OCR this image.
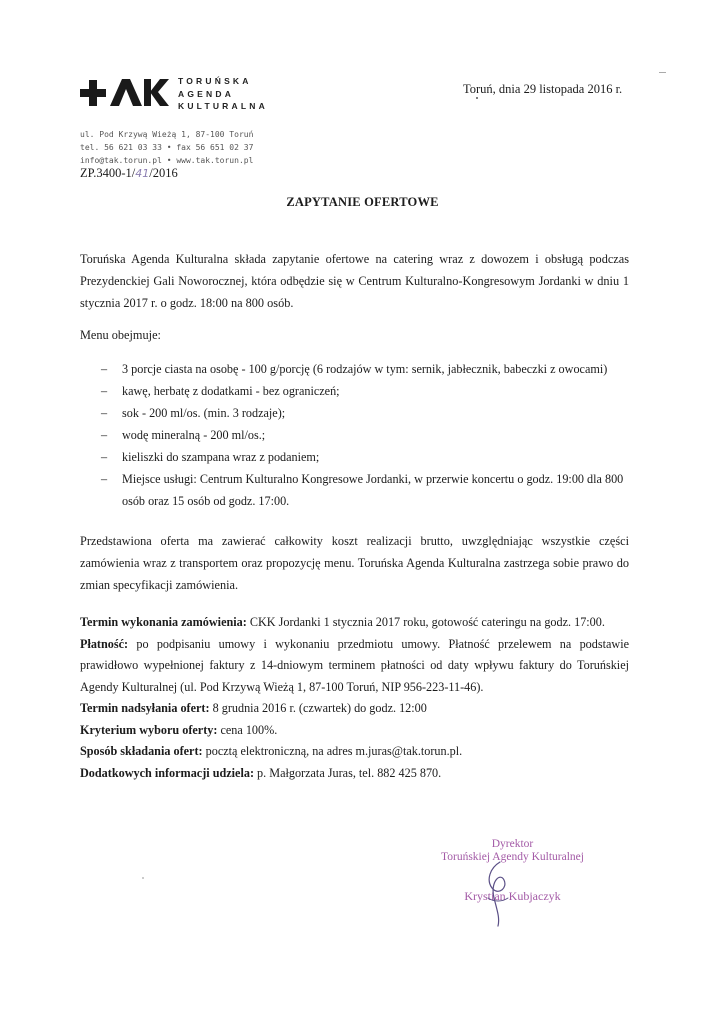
TORUŃSKA
AGENDA
KULTURALNA
ul. Pod Krzywą Wieżą 1, 87-100 Toruń
tel. 56 621 03 33 • fax 56 651 02 37
info@tak.torun.pl • www.tak.torun.pl
ZP.3400-1/41/2016
Toruń, dnia 29 listopada 2016 r.
ZAPYTANIE OFERTOWE
Toruńska Agenda Kulturalna składa zapytanie ofertowe na catering wraz z dowozem i obsługą podczas Prezydenckiej Gali Noworocznej, która odbędzie się w Centrum Kulturalno-Kongresowym Jordanki w dniu 1 stycznia 2017 r. o godz. 18:00 na 800 osób.
Menu obejmuje:
– 3 porcje ciasta na osobę - 100 g/porcję (6 rodzajów w tym: sernik, jabłecznik, babeczki z owocami)
– kawę, herbatę z dodatkami - bez ograniczeń;
– sok - 200 ml/os. (min. 3 rodzaje);
– wodę mineralną - 200 ml/os.;
– kieliszki do szampana wraz z podaniem;
– Miejsce usługi: Centrum Kulturalno Kongresowe Jordanki, w przerwie koncertu o godz. 19:00 dla 800 osób oraz 15 osób od godz. 17:00.
Przedstawiona oferta ma zawierać całkowity koszt realizacji brutto, uwzględniając wszystkie części zamówienia wraz z transportem oraz propozycję menu. Toruńska Agenda Kulturalna zastrzega sobie prawo do zmian specyfikacji zamówienia.

Termin wykonania zamówienia: CKK Jordanki 1 stycznia 2017 roku, gotowość cateringu na godz. 17:00.

Płatność: po podpisaniu umowy i wykonaniu przedmiotu umowy. Płatność przelewem na podstawie prawidłowo wypełnionej faktury z 14-dniowym terminem płatności od daty wpływu faktury do Toruńskiej Agendy Kulturalnej (ul. Pod Krzywą Wieżą 1, 87-100 Toruń, NIP 956-223-11-46).

Termin nadsyłania ofert: 8 grudnia 2016 r. (czwartek) do godz. 12:00

Kryterium wyboru oferty: cena 100%.

Sposób składania ofert: pocztą elektroniczną, na adres m.juras@tak.torun.pl.

Dodatkowych informacji udziela: p. Małgorzata Juras, tel. 882 425 870.

Dyrektor
Toruńskiej Agendy Kulturalnej
Krystian Kubjaczyk
